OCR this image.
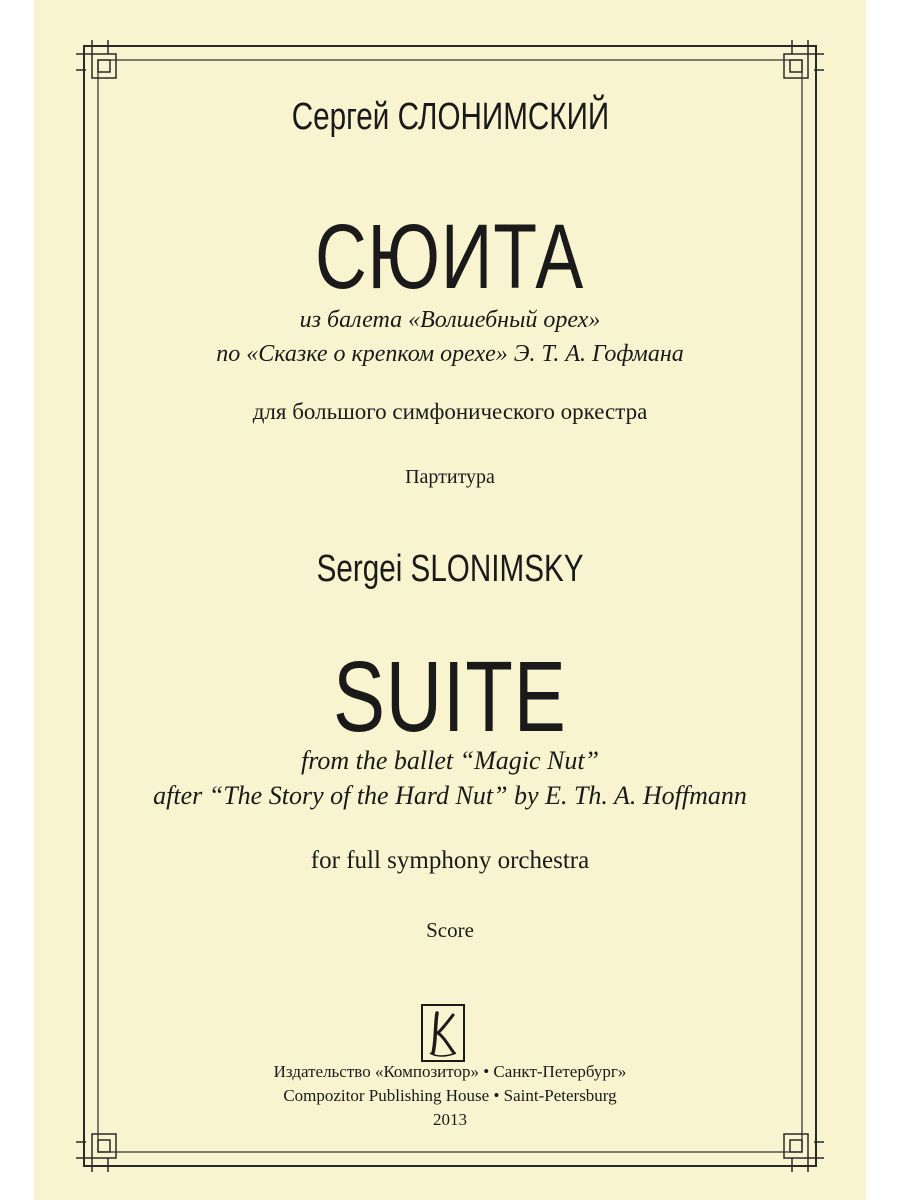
Сергей СЛОНИМСКИЙ
СЮИТА
из балета «Волшебный орех»
по «Сказке о крепком орехе» Э. Т. А. Гофмана
для большого симфонического оркестра
Партитура
Sergei SLONIMSKY
SUITE
from the ballet “Magic Nut”
after “The Story of the Hard Nut” by E. Th. A. Hoffmann
for full symphony orchestra
Score
Издательство «Композитор» • Санкт-Петербург»
Compozitor Publishing House • Saint-Petersburg
2013
